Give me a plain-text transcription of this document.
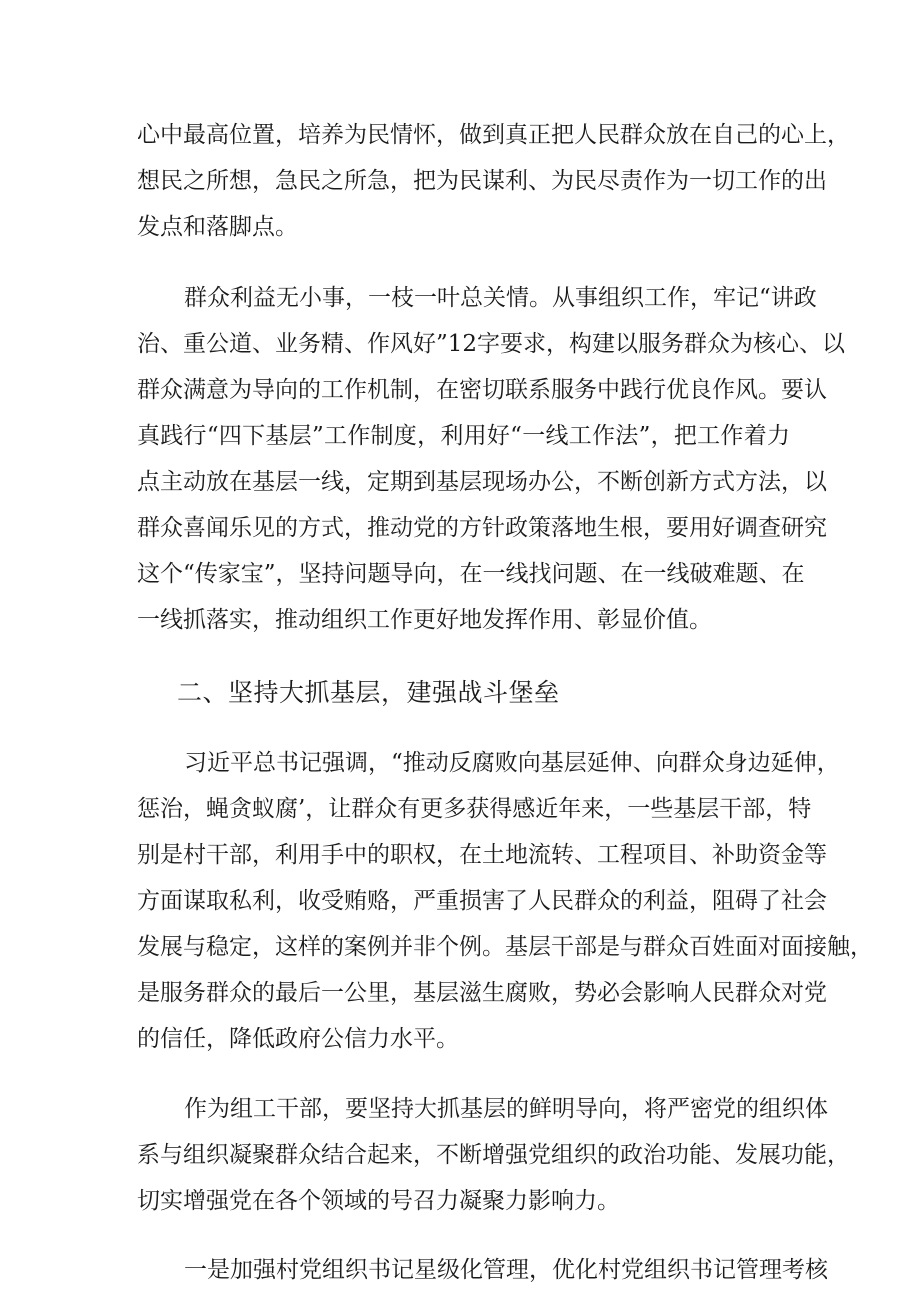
心中最高位置，培养为民情怀，做到真正把人民群众放在自己的心上，
想民之所想，急民之所急，把为民谋利、为民尽责作为一切工作的出
发点和落脚点。
群众利益无小事，一枝一叶总关情。从事组织工作，牢记“讲政
治、重公道、业务精、作风好”12字要求，构建以服务群众为核心、以
群众满意为导向的工作机制，在密切联系服务中践行优良作风。要认
真践行“四下基层”工作制度，利用好“一线工作法”，把工作着力
点主动放在基层一线，定期到基层现场办公，不断创新方式方法，以
群众喜闻乐见的方式，推动党的方针政策落地生根，要用好调查研究
这个“传家宝”，坚持问题导向，在一线找问题、在一线破难题、在
一线抓落实，推动组织工作更好地发挥作用、彰显价值。
二、坚持大抓基层，建强战斗堡垒
习近平总书记强调，“推动反腐败向基层延伸、向群众身边延伸，
惩治，蝇贪蚁腐’，让群众有更多获得感近年来，一些基层干部，特
别是村干部，利用手中的职权，在土地流转、工程项目、补助资金等
方面谋取私利，收受贿赂，严重损害了人民群众的利益，阻碍了社会
发展与稳定，这样的案例并非个例。基层干部是与群众百姓面对面接触，
是服务群众的最后一公里，基层滋生腐败，势必会影响人民群众对党
的信任，降低政府公信力水平。
作为组工干部，要坚持大抓基层的鲜明导向，将严密党的组织体
系与组织凝聚群众结合起来，不断增强党组织的政治功能、发展功能，
切实增强党在各个领域的号召力凝聚力影响力。
一是加强村党组织书记星级化管理，优化村党组织书记管理考核
